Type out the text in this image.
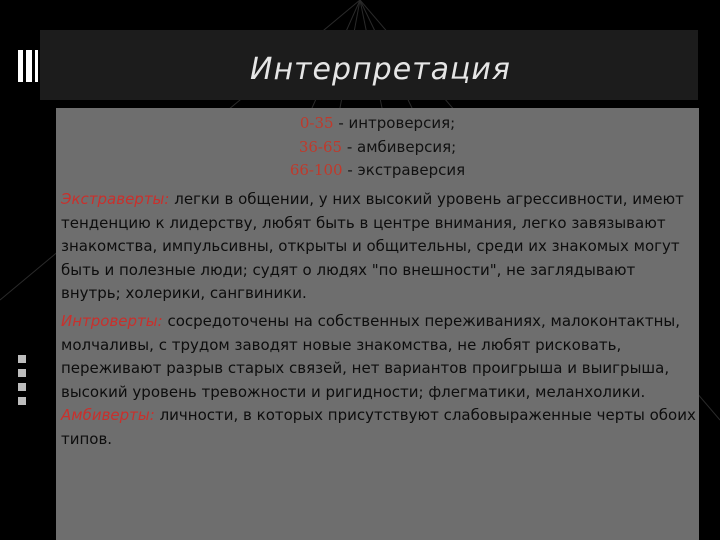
Интерпретация
0-35 - интроверсия;
36-65 - амбиверсия;
66-100 - экстраверсия

Экстраверты: легки в общении, у них высокий уровень агрессивности, имеют тенденцию к лидерству, любят быть в центре внимания, легко завязывают знакомства, импульсивны, открыты и общительны, среди их знакомых могут быть и полезные люди; судят о людях "по внешности", не заглядывают внутрь; холерики, сангвиники.

Интроверты: сосредоточены на собственных переживаниях, малоконтактны, молчаливы, с трудом заводят новые знакомства, не любят рисковать, переживают разрыв старых связей, нет вариантов проигрыша и выигрыша, высокий уровень тревожности и ригидности; флегматики, меланхолики.

Амбиверты: личности, в которых присутствуют слабовыраженные черты обоих типов.
